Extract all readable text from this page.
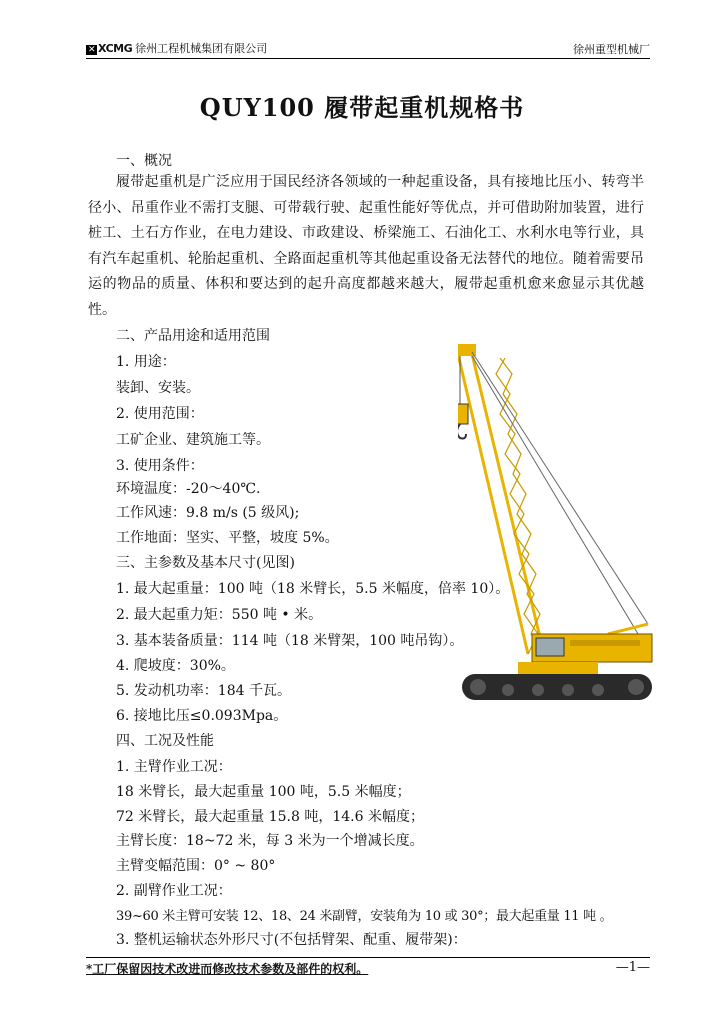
✕ XCMG 徐州工程机械集团有限公司	徐州重型机械厂
QUY100 履带起重机规格书
一、概况
履带起重机是广泛应用于国民经济各领域的一种起重设备，具有接地比压小、转弯半径小、吊重作业不需打支腿、可带载行驶、起重性能好等优点，并可借助附加装置，进行桩工、土石方作业，在电力建设、市政建设、桥梁施工、石油化工、水利水电等行业，具有汽车起重机、轮胎起重机、全路面起重机等其他起重设备无法替代的地位。随着需要吊运的物品的质量、体积和要达到的起升高度都越来越大，履带起重机愈来愈显示其优越性。
二、产品用途和适用范围
1. 用途：
装卸、安装。
2. 使用范围：
工矿企业、建筑施工等。
3. 使用条件：
环境温度：-20～40℃.
工作风速：9.8 m/s (5 级风);
工作地面：坚实、平整，坡度 5%。
三、主参数及基本尺寸(见图)
1. 最大起重量：100 吨（18 米臂长，5.5 米幅度，倍率 10）。
2. 最大起重力矩：550 吨 • 米。
3. 基本装备质量：114 吨（18 米臂架，100 吨吊钩）。
4. 爬坡度：30%。
5. 发动机功率：184 千瓦。
6. 接地比压≤0.093Mpa。
四、工况及性能
1. 主臂作业工况：
18 米臂长，最大起重量 100 吨，5.5 米幅度；
72 米臂长，最大起重量 15.8 吨，14.6 米幅度；
主臂长度：18~72 米，每 3 米为一个增减长度。
主臂变幅范围：0° ~ 80°
2. 副臂作业工况：
39~60 米主臂可安装 12、18、24 米副臂，安装角为 10 或 30°；最大起重量 11 吨 。
3. 整机运输状态外形尺寸(不包括臂架、配重、履带架)：
*工厂保留因技术改进而修改技术参数及部件的权利。	—1—
